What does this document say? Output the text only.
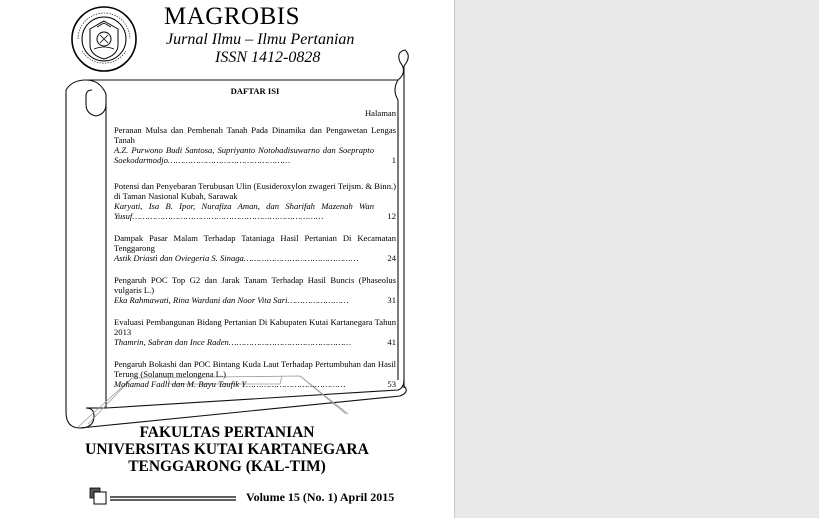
MAGROBIS
Jurnal Ilmu – Ilmu Pertanian
ISSN 1412-0828
DAFTAR ISI
Halaman
Peranan Mulsa dan Pembenah Tanah Pada Dinamika dan Pengawetan Lengas Tanah
A.Z. Purwono Budi Santosa, Supriyanto Notohadisuwarno dan Soeprapto Soekodarmodjo…………………………………………	1
Potensi dan Penyebaran Terubusan Ulin (Eusideroxylon zwageri Teijsm. & Binn.) di Taman Nasional Kubah, Sarawak
Karyati, Isa B. Ipor, Nurafiza Aman, dan Sharifah Mazenah Wan Yusuf…………………………………………………………………	12
Dampak Pasar Malam Terhadap Tataniaga Hasil Pertanian Di Kecamatan Tenggarong
Astik Driastì dan Oviegeria S. Sinaga………………………………………	24
Pengaruh POC Top G2 dan Jarak Tanam Terhadap Hasil Buncis (Phaseolus vulgaris L.)
Eka Rahmawati, Rina Wardani dan Noor Vita Sari……………………	31
Evaluasi Pembangunan Bidang Pertanian Di Kabupaten Kutai Kartanegara Tahun 2013
Thamrin, Sabran dan Ince Raden…………………………………………	41
Pengaruh Bokashi dan POC Bintang Kuda Laut Terhadap Pertumbuhan dan Hasil Terung (Solanum melongena L.)
Mohamad Fadli dan M. Bayu Taufik Y…………………………………	53
FAKULTAS PERTANIAN
UNIVERSITAS KUTAI KARTANEGARA
TENGGARONG (KAL-TIM)
Volume 15 (No. 1) April 2015
